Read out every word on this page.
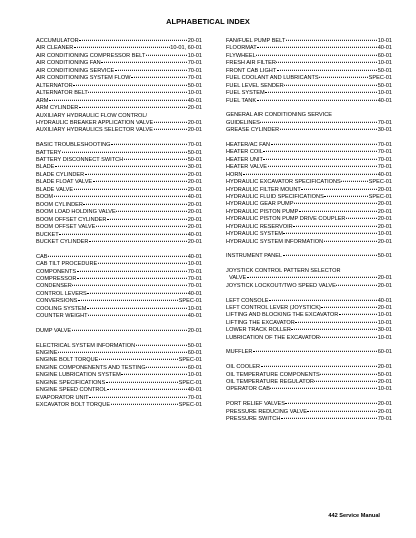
ALPHABETICAL INDEX
ACCUMULATOR	20-01
AIR CLEANER	10-01, 60-01
AIR CONDITIONING COMPRESSOR BELT	10-01
AIR CONDITIONING FAN	70-01
AIR CONDITIONING SERVICE	70-01
AIR CONDITIONING SYSTEM FLOW	70-01
ALTERNATOR	50-01
ALTERNATOR BELT	10-01
ARM	40-01
ARM CYLINDER	20-01
AUXILIARY HYDRAULIC FLOW CONTROL/
HYDRAULIC BREAKER APPLICATION VALVE	20-01
AUXILIARY HYDRAULICS SELECTOR VALVE	20-01
BASIC TROUBLESHOOTING	70-01
BATTERY	50-01
BATTERY DISCONNECT SWITCH	50-01
BLADE	30-01
BLADE CYLINDER	20-01
BLADE FLOAT VALVE	20-01
BLADE VALVE	20-01
BOOM	40-01
BOOM CYLINDER	20-01
BOOM LOAD HOLDING VALVE	20-01
BOOM OFFSET CYLINDER	20-01
BOOM OFFSET VALVE	20-01
BUCKET	40-01
BUCKET CYLINDER	20-01
CAB	40-01
CAB TILT PROCEDURE	10-01
COMPONENTS	70-01
COMPRESSOR	70-01
CONDENSER	70-01
CONTROL LEVERS	40-01
CONVERSIONS	SPEC-01
COOLING SYSTEM	10-01
COUNTER WEIGHT	40-01
DUMP VALVE	20-01
ELECTRICAL SYSTEM INFORMATION	50-01
ENGINE	60-01
ENGINE BOLT TORQUE	SPEC-01
ENGINE COMPONENENTS AND TESTING	60-01
ENGINE LUBRICATION SYSTEM	10-01
ENGINE SPECIFICATIONS	SPEC-01
ENGINE SPEED CONTROL	40-01
EVAPORATOR UNIT	70-01
EXCAVATOR BOLT TORQUE	SPEC-01
FAN/FUEL PUMP BELT	10-01
FLOORMAT	40-01
FLYWHEEL	60-01
FRESH AIR FILTER	10-01
FRONT CAB LIGHT	50-01
FUEL COOLANT AND LUBRICANTS	SPEC-01
FUEL LEVEL SENDER	50-01
FUEL SYSTEM	10-01
FUEL TANK	40-01
GENERAL AIR CONDITIONING SERVICE
GUIDELINES	70-01
GREASE CYLINDER	30-01
HEATER/AC FAN	70-01
HEATER COIL	70-01
HEATER UNIT	70-01
HEATER VALVE	70-01
HORN	40-01
HYDRAULIC EXCAVATOR SPECIFICATIONS	SPEC-01
HYDRAULIC FILTER MOUNT	20-01
HYDRAULIC FLUID SPECIFICATIONS	SPEC-01
HYDRAULIC GEAR PUMP	20-01
HYDRAULIC PISTON PUMP	20-01
HYDRAULIC PISTON PUMP DRIVE COUPLER	20-01
HYDRAULIC RESERVOIR	20-01
HYDRAULIC SYSTEM	10-01
HYDRAULIC SYSTEM INFORMATION	20-01
INSTRUMENT PANEL	50-01
JOYSTICK CONTROL PATTERN SELECTOR
VALVE	20-01
JOYSTICK LOCKOUT/TWO SPEED VALVE	20-01
LEFT CONSOLE	40-01
LEFT CONTROL LEVER (JOYSTICK)	20-01
LIFTING AND BLOCKING THE EXCAVATOR	10-01
LIFTING THE EXCAVATOR	10-01
LOWER TRACK ROLLER	30-01
LUBRICATION OF THE EXCAVATOR	10-01
MUFFLER	60-01
OIL COOLER	20-01
OIL TEMPERATURE COMPONENTS	50-01
OIL TEMPERATURE REGULATOR	20-01
OPERATOR CAB	10-01
PORT RELIEF VALVES	20-01
PRESSURE REDUCING VALVE	20-01
PRESSURE SWITCH	70-01
442 Service Manual
